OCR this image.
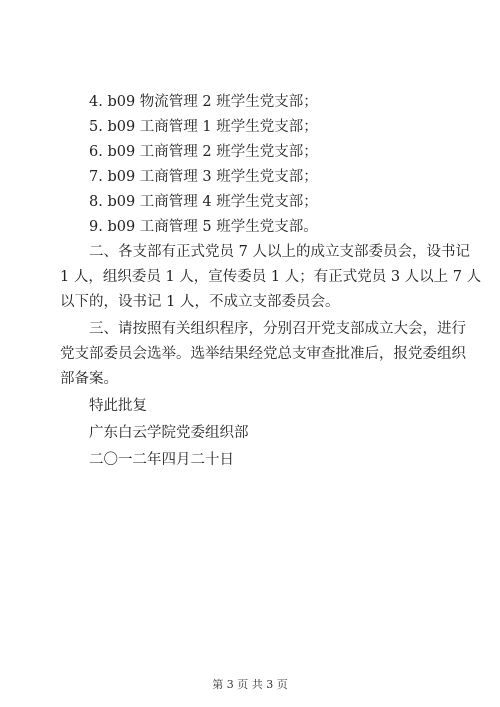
4. b09 物流管理 2 班学生党支部；

5. b09 工商管理 1 班学生党支部；

6. b09 工商管理 2 班学生党支部；

7. b09 工商管理 3 班学生党支部；

8. b09 工商管理 4 班学生党支部；

9. b09 工商管理 5 班学生党支部。

二、各支部有正式党员 7 人以上的成立支部委员会，设书记
1 人，组织委员 1 人，宣传委员 1 人；有正式党员 3 人以上 7 人
以下的，设书记 1 人，不成立支部委员会。
三、请按照有关组织程序，分别召开党支部成立大会，进行
党支部委员会选举。选举结果经党总支审查批准后，报党委组织
部备案。

特此批复

广东白云学院党委组织部

二〇一二年四月二十日

第 3 页 共 3 页
